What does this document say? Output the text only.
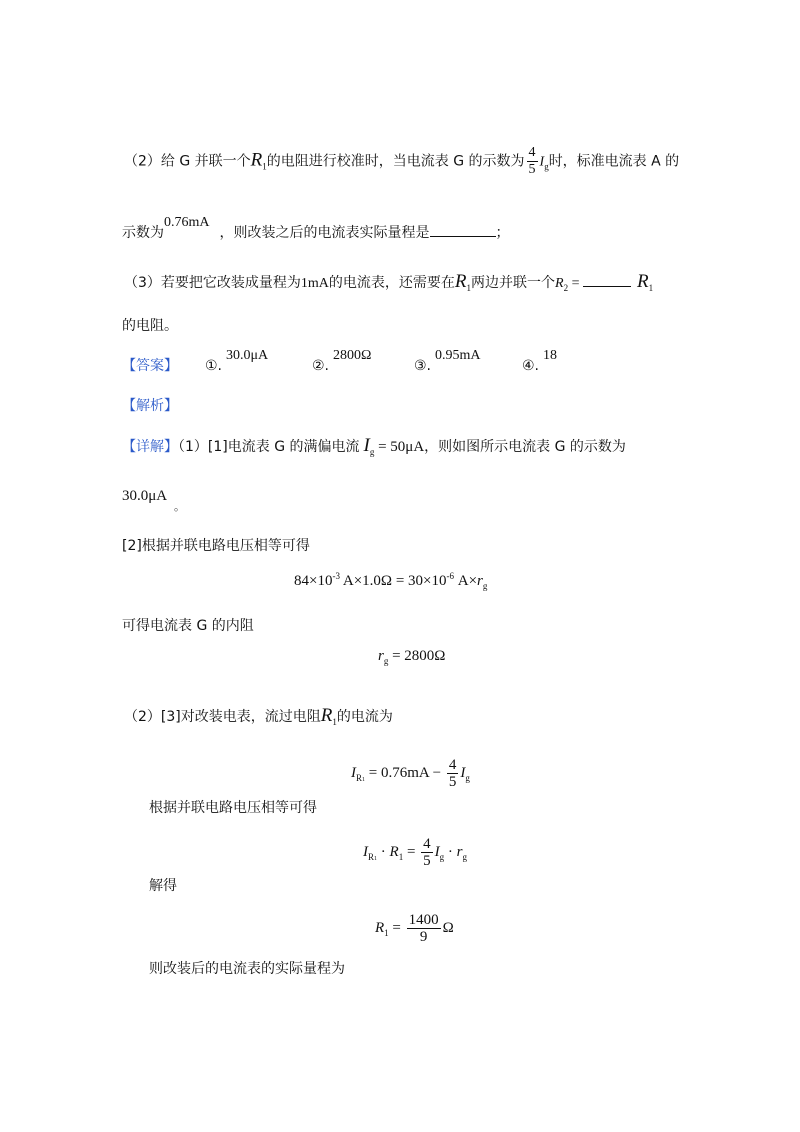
（2）给 G 并联一个$R_1$的电阻进行校准时，当电流表 G 的示数为 $\frac{4}{5} I_g$时，标准电流表 A 的
示数为0.76mA，则改装之后的电流表实际量程是	；
（3）若要把它改装成量程为1mA的电流表，还需要在$R_1$两边并联一个$R_2$ =	$R_1$
的电阻。
【答案】 ①.30.0μA
②.2800Ω
③.0.95mA
④.18
【解析】
【详解】（1）[1]电流表 G 的满偏电流 $I_g = 50\mu A$，则如图所示电流表 G 的示数为
30.0μA
。
[2]根据并联电路电压相等可得
$84\times 10^{-3}$ $A\times 1.0\Omega = 30\times 10^{-6}$ $A\times r_g$
可得电流表 G 的内阻
$r_g = 2800\Omega$
（2）[3]对改装电表，流过电阻$R_1$的电流为
$I_{R1} = 0.76mA - \frac{4}{5} I_g$
根据并联电路电压相等可得
$I_{R1} \cdot R_1 = \frac{4}{5} I_g \cdot r_g$
解得
$R_1 = \frac{1400}{9}$ Ω
则改装后的电流表的实际量程为
